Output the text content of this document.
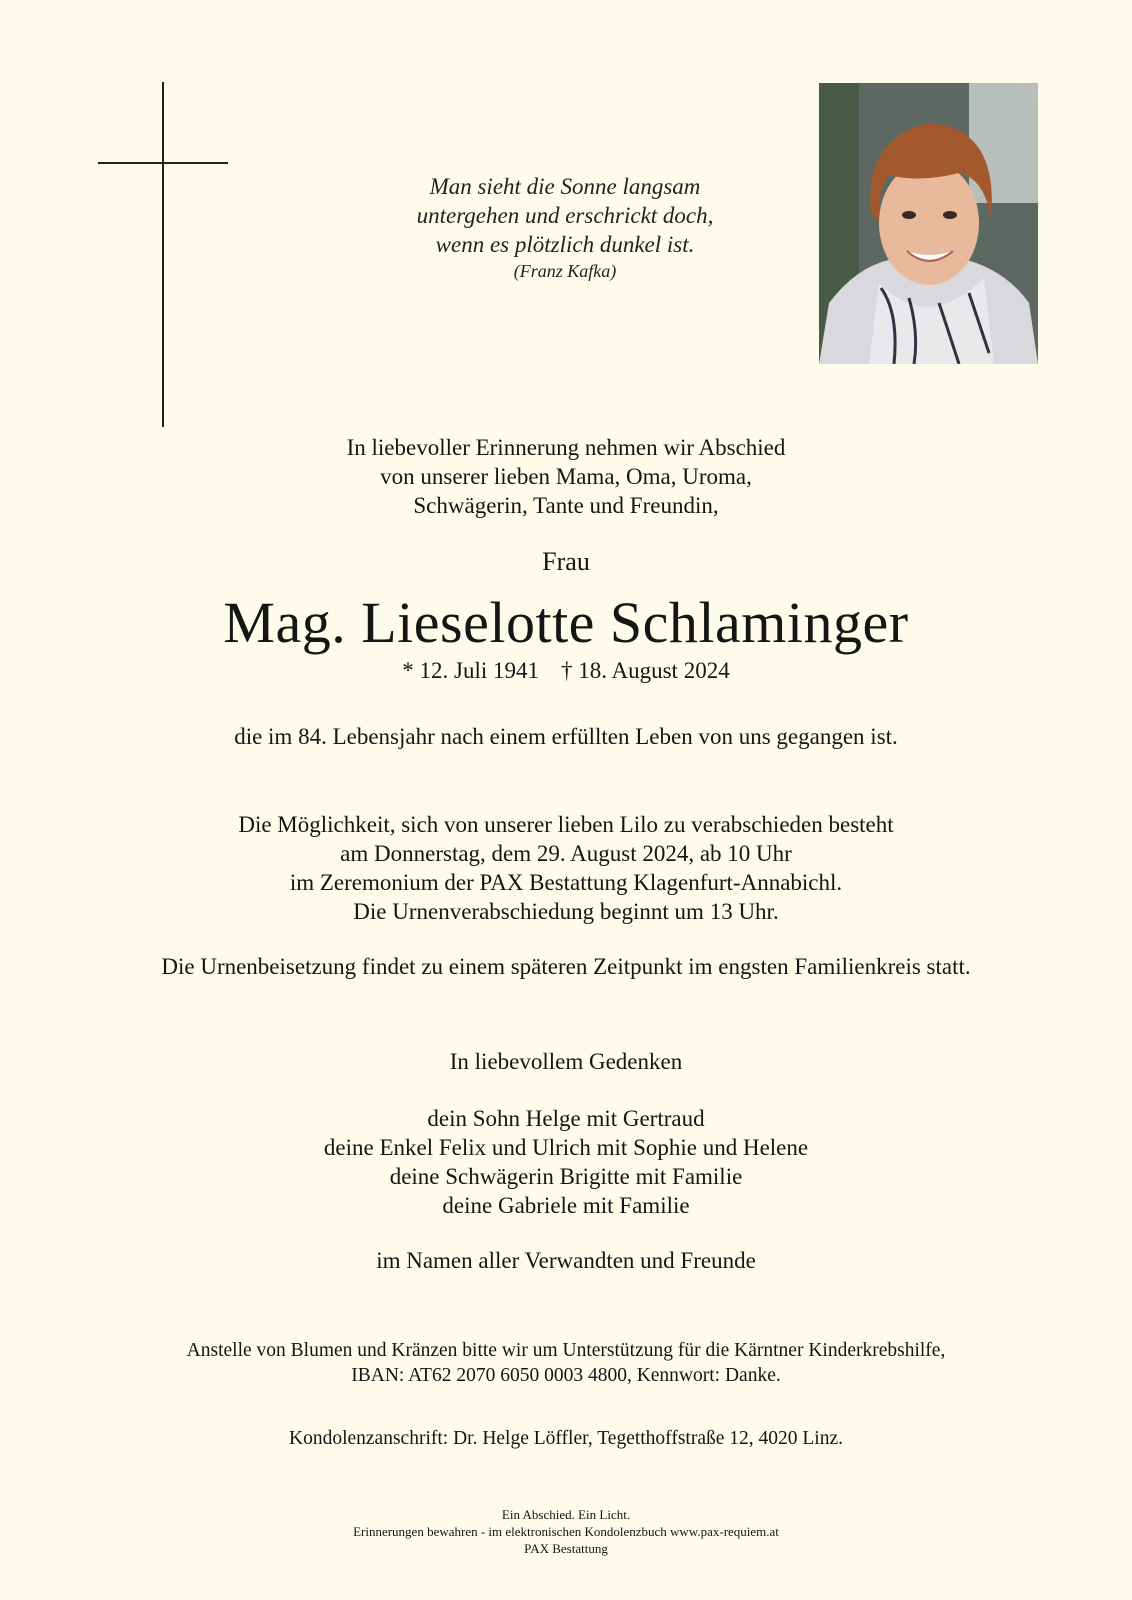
Man sieht die Sonne langsam
untergehen und erschrickt doch,
wenn es plötzlich dunkel ist.
(Franz Kafka)
In liebevoller Erinnerung nehmen wir Abschied
von unserer lieben Mama, Oma, Uroma,
Schwägerin, Tante und Freundin,
Frau
Mag. Lieselotte Schlaminger
* 12. Juli 1941 † 18. August 2024
die im 84. Lebensjahr nach einem erfüllten Leben von uns gegangen ist.
Die Möglichkeit, sich von unserer lieben Lilo zu verabschieden besteht
am Donnerstag, dem 29. August 2024, ab 10 Uhr
im Zeremonium der PAX Bestattung Klagenfurt-Annabichl.
Die Urnenverabschiedung beginnt um 13 Uhr.
Die Urnenbeisetzung findet zu einem späteren Zeitpunkt im engsten Familienkreis statt.
In liebevollem Gedenken
dein Sohn Helge mit Gertraud
deine Enkel Felix und Ulrich mit Sophie und Helene
deine Schwägerin Brigitte mit Familie
deine Gabriele mit Familie
im Namen aller Verwandten und Freunde
Anstelle von Blumen und Kränzen bitte wir um Unterstützung für die Kärntner Kinderkrebshilfe,
IBAN: AT62 2070 6050 0003 4800, Kennwort: Danke.
Kondolenzanschrift: Dr. Helge Löffler, Tegetthoffstraße 12, 4020 Linz.
Ein Abschied. Ein Licht.
Erinnerungen bewahren - im elektronischen Kondolenzbuch www.pax-requiem.at
PAX Bestattung
